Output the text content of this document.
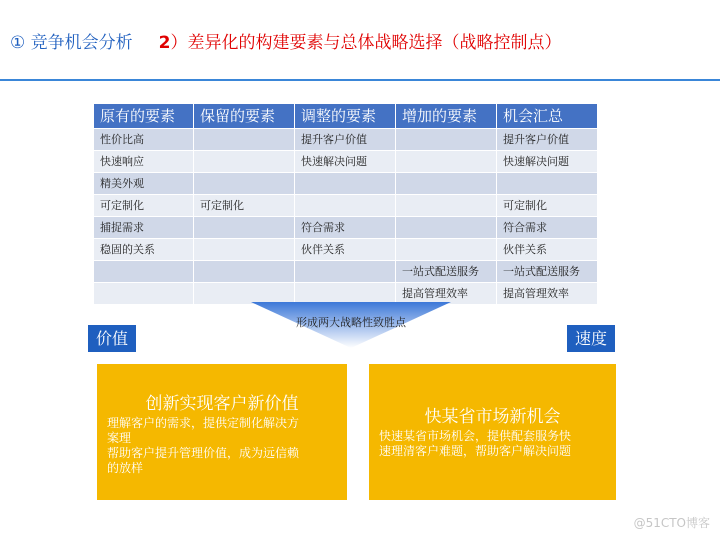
① 竞争机会分析 2）差异化的构建要素与总体战略选择（战略控制点）
原有的要素	保留的要素	调整的要素	增加的要素	机会汇总
性价比高		提升客户价值		提升客户价值
快速响应		快速解决问题		快速解决问题
精美外观				
可定制化	可定制化			可定制化
捕捉需求		符合需求		符合需求
稳固的关系		伙伴关系		伙伴关系
			一站式配送服务	一站式配送服务
			提高管理效率	提高管理效率
形成两大战略性致胜点
价值	速度
创新实现客户新价值
理解客户的需求，提供定制化解决方
案理
帮助客户提升管理价值，成为远信赖
的放样
快某省市场新机会
快速某省市场机会，提供配套服务快
速理清客户难题，帮助客户解决问题
@51CTO博客
